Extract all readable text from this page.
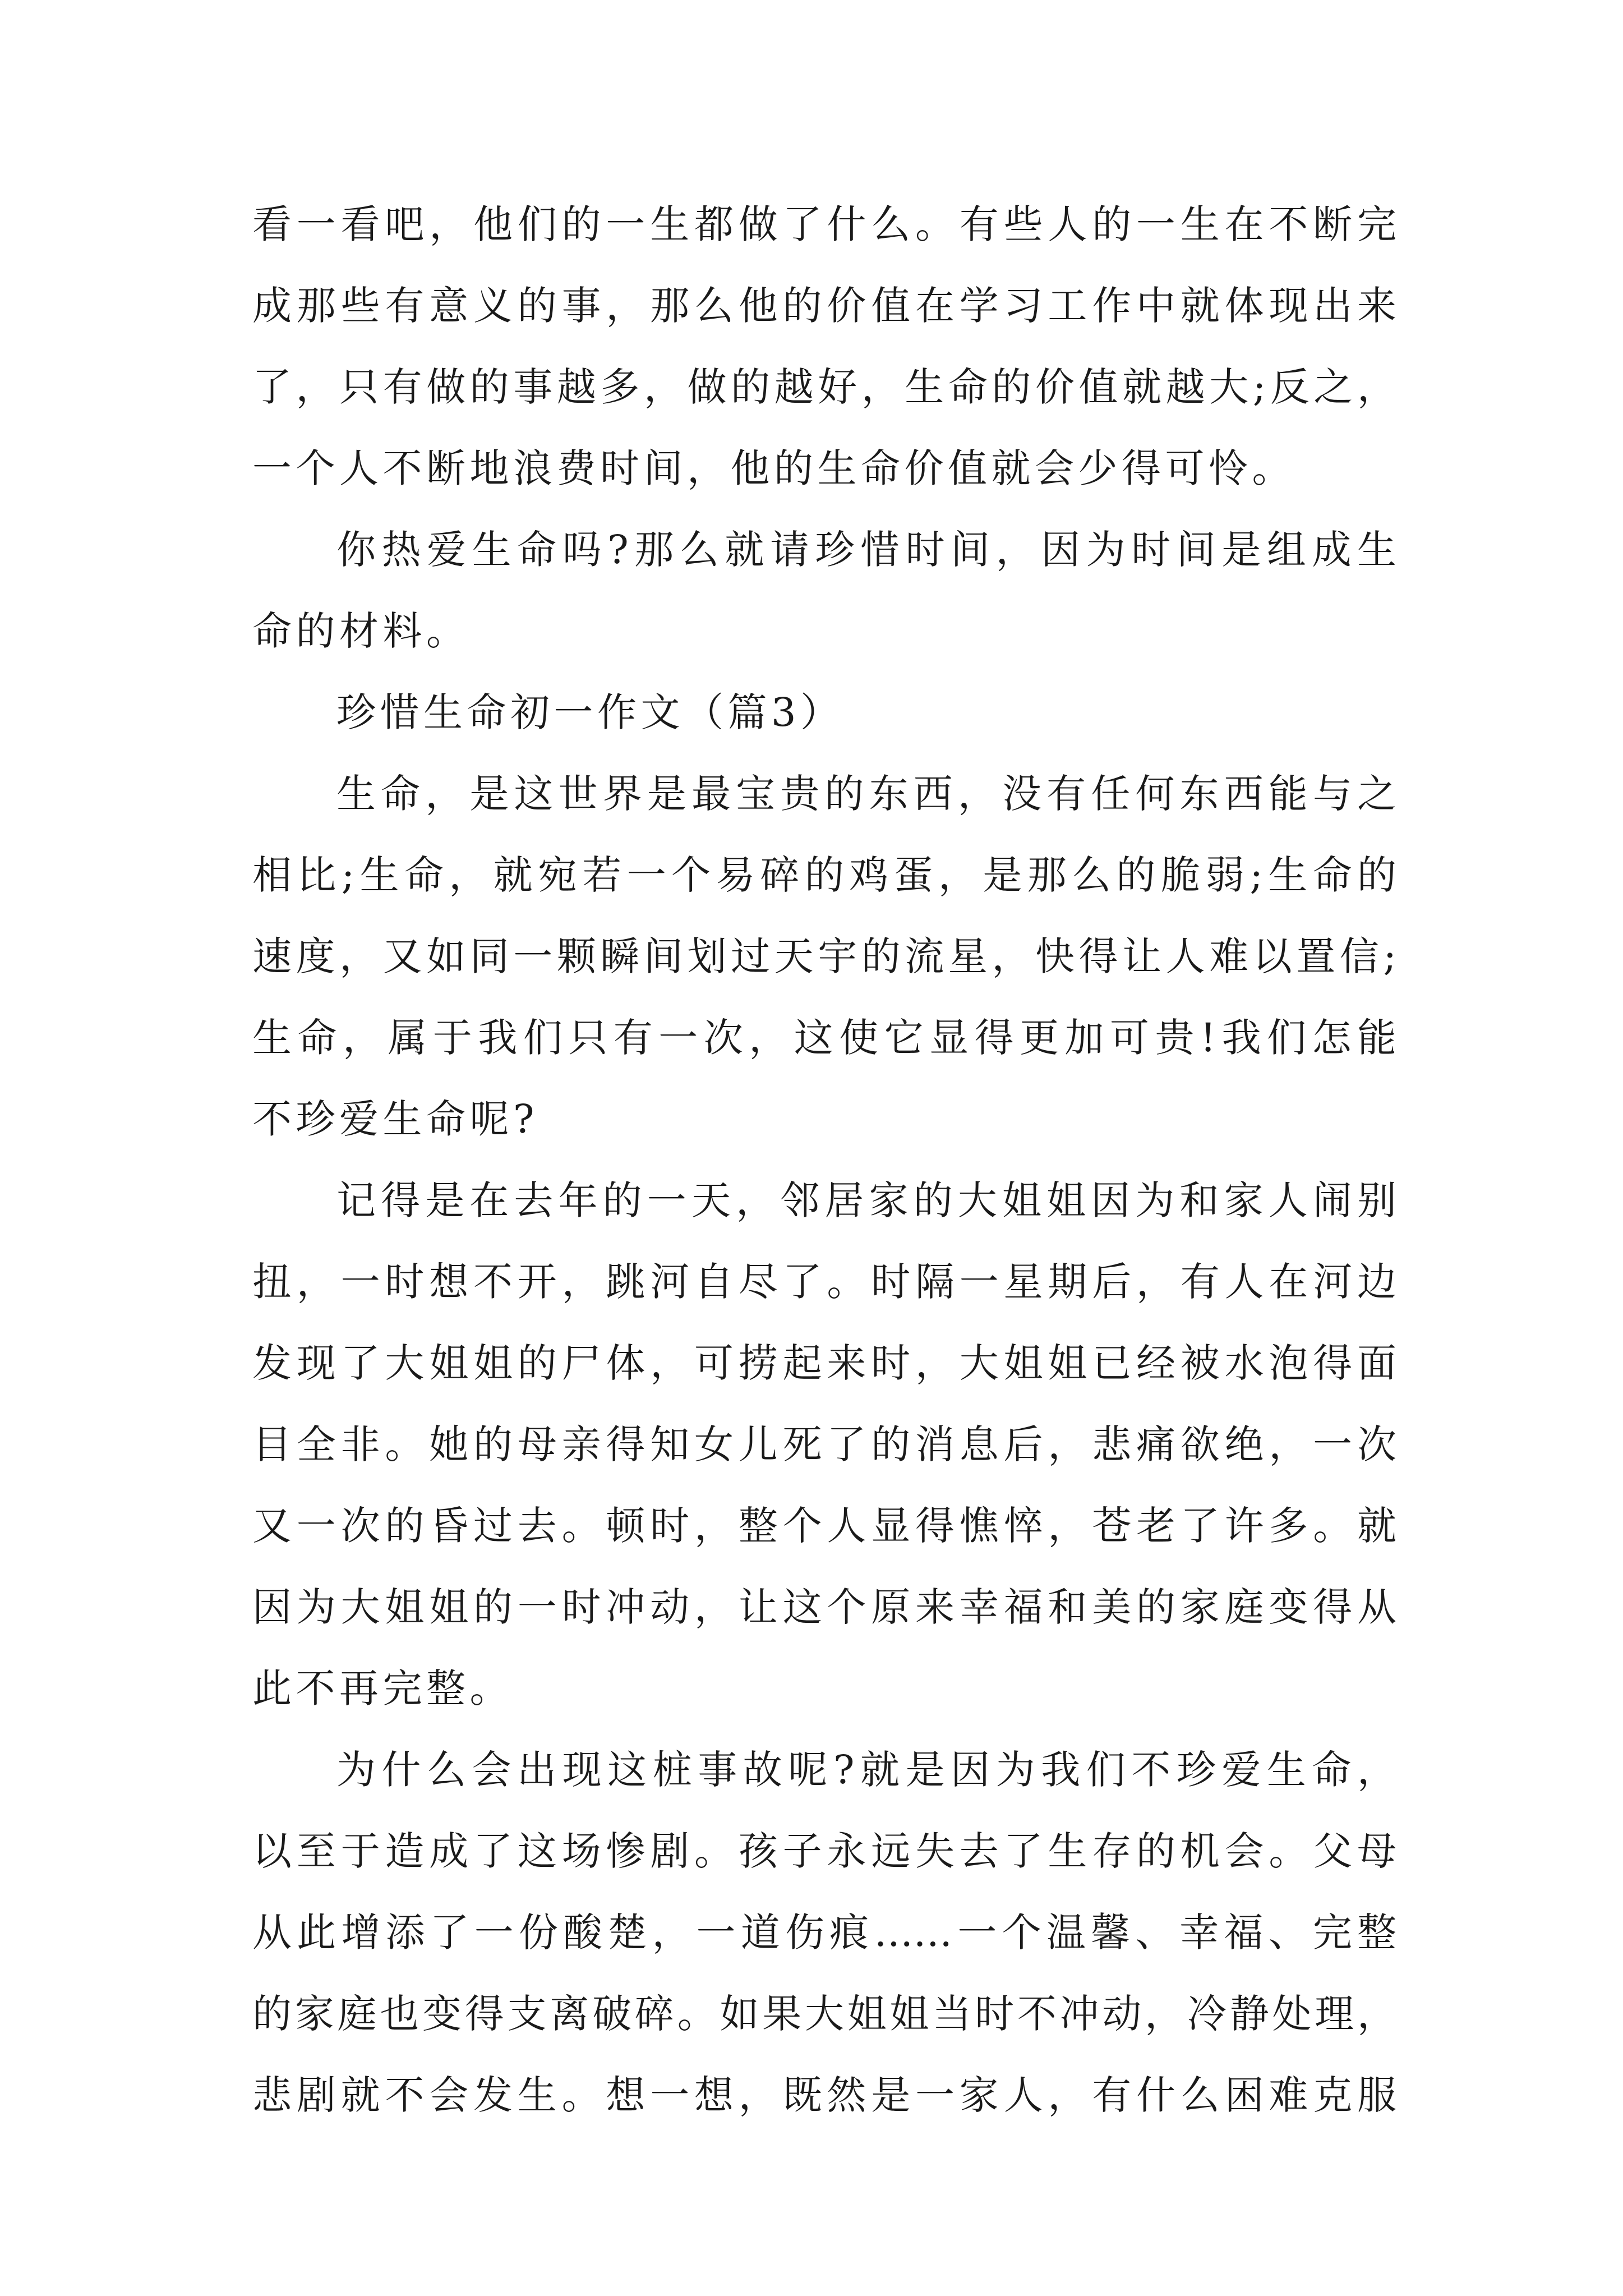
看一看吧，他们的一生都做了什么。有些人的一生在不断完
成那些有意义的事，那么他的价值在学习工作中就体现出来
了，只有做的事越多，做的越好，生命的价值就越大;反之，
一个人不断地浪费时间，他的生命价值就会少得可怜。
你热爱生命吗?那么就请珍惜时间，因为时间是组成生
命的材料。
珍惜生命初一作文（篇3）
生命，是这世界是最宝贵的东西，没有任何东西能与之
相比;生命，就宛若一个易碎的鸡蛋，是那么的脆弱;生命的
速度，又如同一颗瞬间划过天宇的流星，快得让人难以置信;
生命，属于我们只有一次，这使它显得更加可贵!我们怎能
不珍爱生命呢?
记得是在去年的一天，邻居家的大姐姐因为和家人闹别
扭，一时想不开，跳河自尽了。时隔一星期后，有人在河边
发现了大姐姐的尸体，可捞起来时，大姐姐已经被水泡得面
目全非。她的母亲得知女儿死了的消息后，悲痛欲绝，一次
又一次的昏过去。顿时，整个人显得憔悴，苍老了许多。就
因为大姐姐的一时冲动，让这个原来幸福和美的家庭变得从
此不再完整。
为什么会出现这桩事故呢?就是因为我们不珍爱生命，
以至于造成了这场惨剧。孩子永远失去了生存的机会。父母
从此增添了一份酸楚，一道伤痕……一个温馨、幸福、完整
的家庭也变得支离破碎。如果大姐姐当时不冲动，冷静处理，
悲剧就不会发生。想一想，既然是一家人，有什么困难克服
